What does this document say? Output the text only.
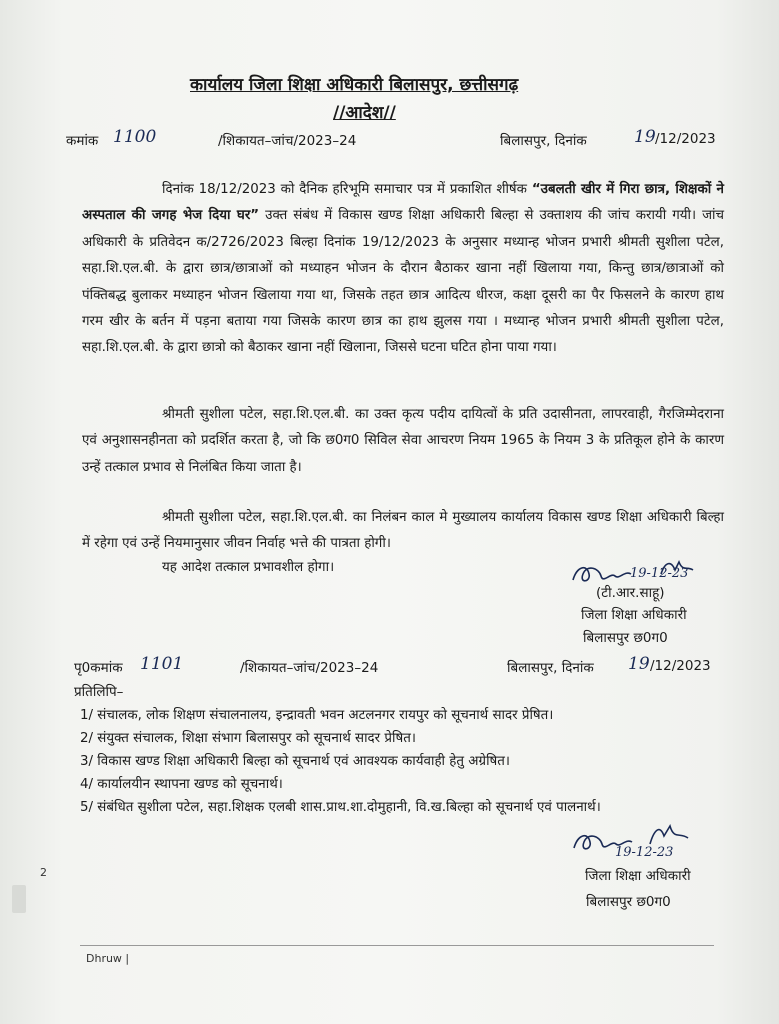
कार्यालय जिला शिक्षा अधिकारी बिलासपुर, छत्तीसगढ़
//आदेश//
कमांक 1100	/शिकायत–जांच/2023–24	बिलासपुर, दिनांक	19 /12/2023
दिनांक 18/12/2023 को दैनिक हरिभूमि समाचार पत्र में प्रकाशित शीर्षक “उबलती खीर में गिरा छात्र, शिक्षकों ने अस्पताल की जगह भेज दिया घर” उक्त संबंध में विकास खण्ड शिक्षा अधिकारी बिल्हा से उक्ताशय की जांच करायी गयी। जांच अधिकारी के प्रतिवेदन क/2726/2023 बिल्हा दिनांक 19/12/2023 के अनुसार मध्यान्ह भोजन प्रभारी श्रीमती सुशीला पटेल, सहा.शि.एल.बी. के द्वारा छात्र/छात्राओं को मध्याहन भोजन के दौरान बैठाकर खाना नहीं खिलाया गया, किन्तु छात्र/छात्राओं को पंक्तिबद्ध बुलाकर मध्याहन भोजन खिलाया गया था, जिसके तहत छात्र आदित्य धीरज, कक्षा दूसरी का पैर फिसलने के कारण हाथ गरम खीर के बर्तन में पड़ना बताया गया जिसके कारण छात्र का हाथ झुलस गया । मध्यान्ह भोजन प्रभारी श्रीमती सुशीला पटेल, सहा.शि.एल.बी. के द्वारा छात्रो को बैठाकर खाना नहीं खिलाना, जिससे घटना घटित होना पाया गया।
श्रीमती सुशीला पटेल, सहा.शि.एल.बी. का उक्त कृत्य पदीय दायित्वों के प्रति उदासीनता, लापरवाही, गैरजिम्मेदराना एवं अनुशासनहीनता को प्रदर्शित करता है, जो कि छ0ग0 सिविल सेवा आचरण नियम 1965 के नियम 3 के प्रतिकूल होने के कारण उन्हें तत्काल प्रभाव से निलंबित किया जाता है।
श्रीमती सुशीला पटेल, सहा.शि.एल.बी. का निलंबन काल मे मुख्यालय कार्यालय विकास खण्ड शिक्षा अधिकारी बिल्हा में रहेगा एवं उन्हें नियमानुसार जीवन निर्वाह भत्ते की पात्रता होगी।
यह आदेश तत्काल प्रभावशील होगा।	19-12-23
(टी.आर.साहू)
जिला शिक्षा अधिकारी
बिलासपुर छ0ग0
पृ0कमांक 1101	/शिकायत–जांच/2023–24	बिलासपुर, दिनांक 19 /12/2023
प्रतिलिपि–
1/ संचालक, लोक शिक्षण संचालनालय, इन्द्रावती भवन अटलनगर रायपुर को सूचनार्थ सादर प्रेषित।
2/ संयुक्त संचालक, शिक्षा संभाग बिलासपुर को सूचनार्थ सादर प्रेषित।
3/ विकास खण्ड शिक्षा अधिकारी बिल्हा को सूचनार्थ एवं आवश्यक कार्यवाही हेतु अग्रेषित।
4/ कार्यालयीन स्थापना खण्ड को सूचनार्थ।
5/ संबंधित सुशीला पटेल, सहा.शिक्षक एलबी शास.प्राथ.शा.दोमुहानी, वि.ख.बिल्हा को सूचनार्थ एवं पालनार्थ।
19-12-23
जिला शिक्षा अधिकारी
बिलासपुर छ0ग0
2
Dhruw |
